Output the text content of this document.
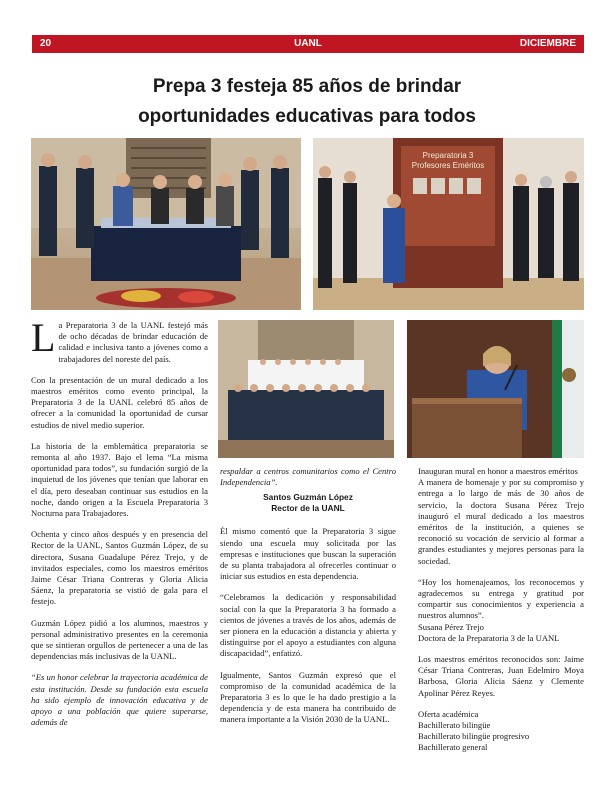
20	UANL	DICIEMBRE
Prepa 3 festeja 85 años de brindar
oportunidades educativas para todos
Preparatoria 3
Profesores Eméritos

La Preparatoria 3 de la UANL festejó más de ocho décadas de brindar educación de calidad e inclusiva tanto a jóvenes como a trabajadores del noreste del país.

Con la presentación de un mural dedicado a los maestros eméritos como evento principal, la Preparatoria 3 de la UANL celebró 85 años de ofrecer a la comunidad la oportunidad de cursar estudios de nivel medio superior.

La historia de la emblemática preparatoria se remonta al año 1937. Bajo el lema “La misma oportunidad para todos”, su fundación surgió de la inquietud de los jóvenes que tenían que laborar en el día, pero deseaban continuar sus estudios en la noche, dando origen a la Escuela Preparatoria 3 Nocturna para Trabajadores.

Ochenta y cinco años después y en presencia del Rector de la UANL, Santos Guzmán López, de su directora, Susana Guadalupe Pérez Trejo, y de invitados especiales, como los maestros eméritos Jaime César Triana Contreras y Gloria Alicia Sáenz, la preparatoria se vistió de gala para el festejo.

Guzmán López pidió a los alumnos, maestros y personal administrativo presentes en la ceremonia que se sintieran orgullos de pertenecer a una de las dependencias más inclusivas de la UANL.

“Es un honor celebrar la trayectoria académica de esta institución. Desde su fundación esta escuela ha sido ejemplo de innovación educativa y de apoyo a una población que quiere superarse, además de

respaldar a centros comunitarios como el Centro Independencia”.

Santos Guzmán López
Rector de la UANL

Él mismo comentó que la Preparatoria 3 sigue siendo una escuela muy solicitada por las empresas e instituciones que buscan la superación de su planta trabajadora al ofrecerles continuar o iniciar sus estudios en esta dependencia.

“Celebramos la dedicación y responsabilidad social con la que la Preparatoria 3 ha formado a cientos de jóvenes a través de los años, además de ser pionera en la educación a distancia y abierta y distinguirse por el apoyo a estudiantes con alguna discapacidad”, enfatizó.

Igualmente, Santos Guzmán expresó que el compromiso de la comunidad académica de la Preparatoria 3 es lo que le ha dado prestigio a la dependencia y de esta manera ha contribuido de manera importante a la Visión 2030 de la UANL.

Inauguran mural en honor a maestros eméritos

A manera de homenaje y por su compromiso y entrega a lo largo de más de 30 años de servicio, la doctora Susana Pérez Trejo inauguró el mural dedicado a los maestros eméritos de la institución, a quienes se reconoció su vocación de servicio al formar a grandes estudiantes y mejores personas para la sociedad.

“Hoy los homenajeamos, los reconocemos y agradecemos su entrega y gratitud por compartir sus conocimientos y experiencia a nuestros alumnos”.

Susana Pérez Trejo

Doctora de la Preparatoria 3 de la UANL

Los maestros eméritos reconocidos son: Jaime César Triana Contreras, Juan Edelmiro Moya Barbosa, Gloria Alicia Sáenz y Clemente Apolinar Pérez Reyes.

Oferta académica
Bachillerato bilingüe
Bachillerato bilingüe progresivo
Bachillerato general
